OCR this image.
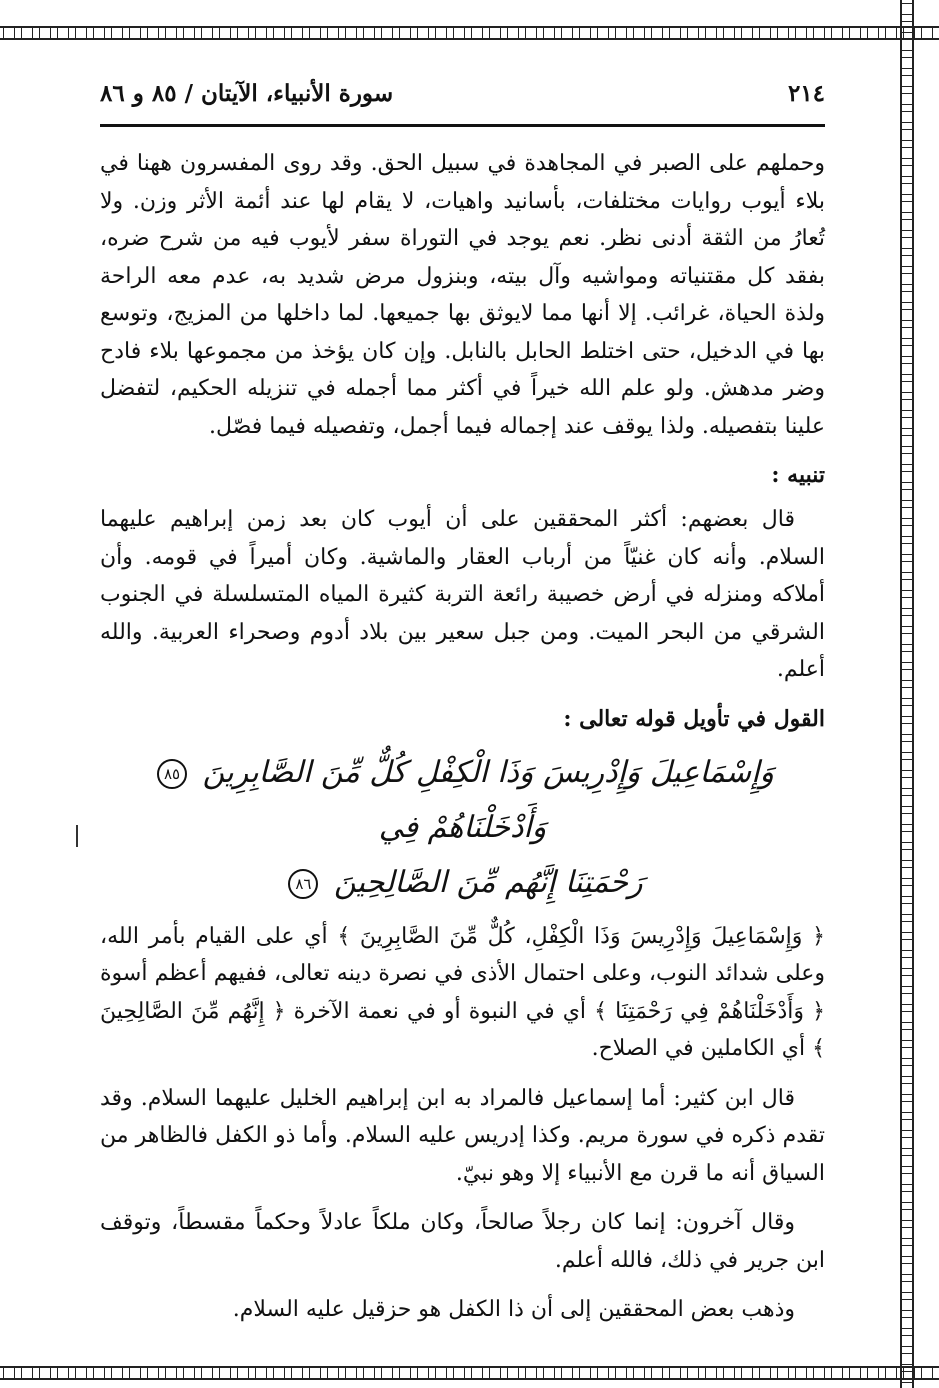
٢١٤
سورة الأنبياء، الآيتان / ٨٥ و ٨٦

وحملهم على الصبر في المجاهدة في سبيل الحق. وقد روى المفسرون ههنا في بلاء أيوب روايات مختلفات، بأسانيد واهيات، لا يقام لها عند أئمة الأثر وزن. ولا تُعارُ من الثقة أدنى نظر. نعم يوجد في التوراة سفر لأيوب فيه من شرح ضره، بفقد كل مقتنياته ومواشيه وآل بيته، وبنزول مرض شديد به، عدم معه الراحة ولذة الحياة، غرائب. إلا أنها مما لايوثق بها جميعها. لما داخلها من المزيج، وتوسع بها في الدخيل، حتى اختلط الحابل بالنابل. وإن كان يؤخذ من مجموعها بلاء فادح وضر مدهش. ولو علم الله خيراً في أكثر مما أجمله في تنزيله الحكيم، لتفضل علينا بتفصيله. ولذا يوقف عند إجماله فيما أجمل، وتفصيله فيما فصّل.

تنبيه :

قال بعضهم: أكثر المحققين على أن أيوب كان بعد زمن إبراهيم عليهما السلام. وأنه كان غنيّاً من أرباب العقار والماشية. وكان أميراً في قومه. وأن أملاكه ومنزله في أرض خصيبة رائعة التربة كثيرة المياه المتسلسلة في الجنوب الشرقي من البحر الميت. ومن جبل سعير بين بلاد أدوم وصحراء العربية. والله أعلم.

القول في تأويل قوله تعالى :
وَإِسْمَاعِيلَ وَإِدْرِيسَ وَذَا الْكِفْلِ كُلٌّ مِّنَ الصَّابِرِينَ ٨٥ وَأَدْخَلْنَاهُمْ فِي
رَحْمَتِنَا إِنَّهُم مِّنَ الصَّالِحِينَ ٨٦

﴿ وَإِسْمَاعِيلَ وَإِدْرِيسَ وَذَا الْكِفْلِ، كُلٌّ مِّنَ الصَّابِرِينَ ﴾ أي على القيام بأمر الله، وعلى شدائد النوب، وعلى احتمال الأذى في نصرة دينه تعالى، ففيهم أعظم أسوة ﴿ وَأَدْخَلْنَاهُمْ فِي رَحْمَتِنَا ﴾ أي في النبوة أو في نعمة الآخرة ﴿ إِنَّهُم مِّنَ الصَّالِحِينَ ﴾ أي الكاملين في الصلاح.

قال ابن كثير: أما إسماعيل فالمراد به ابن إبراهيم الخليل عليهما السلام. وقد تقدم ذكره في سورة مريم. وكذا إدريس عليه السلام. وأما ذو الكفل فالظاهر من السياق أنه ما قرن مع الأنبياء إلا وهو نبيّ.

وقال آخرون: إنما كان رجلاً صالحاً، وكان ملكاً عادلاً وحكماً مقسطاً، وتوقف ابن جرير في ذلك، فالله أعلم.

وذهب بعض المحققين إلى أن ذا الكفل هو حزقيل عليه السلام.
